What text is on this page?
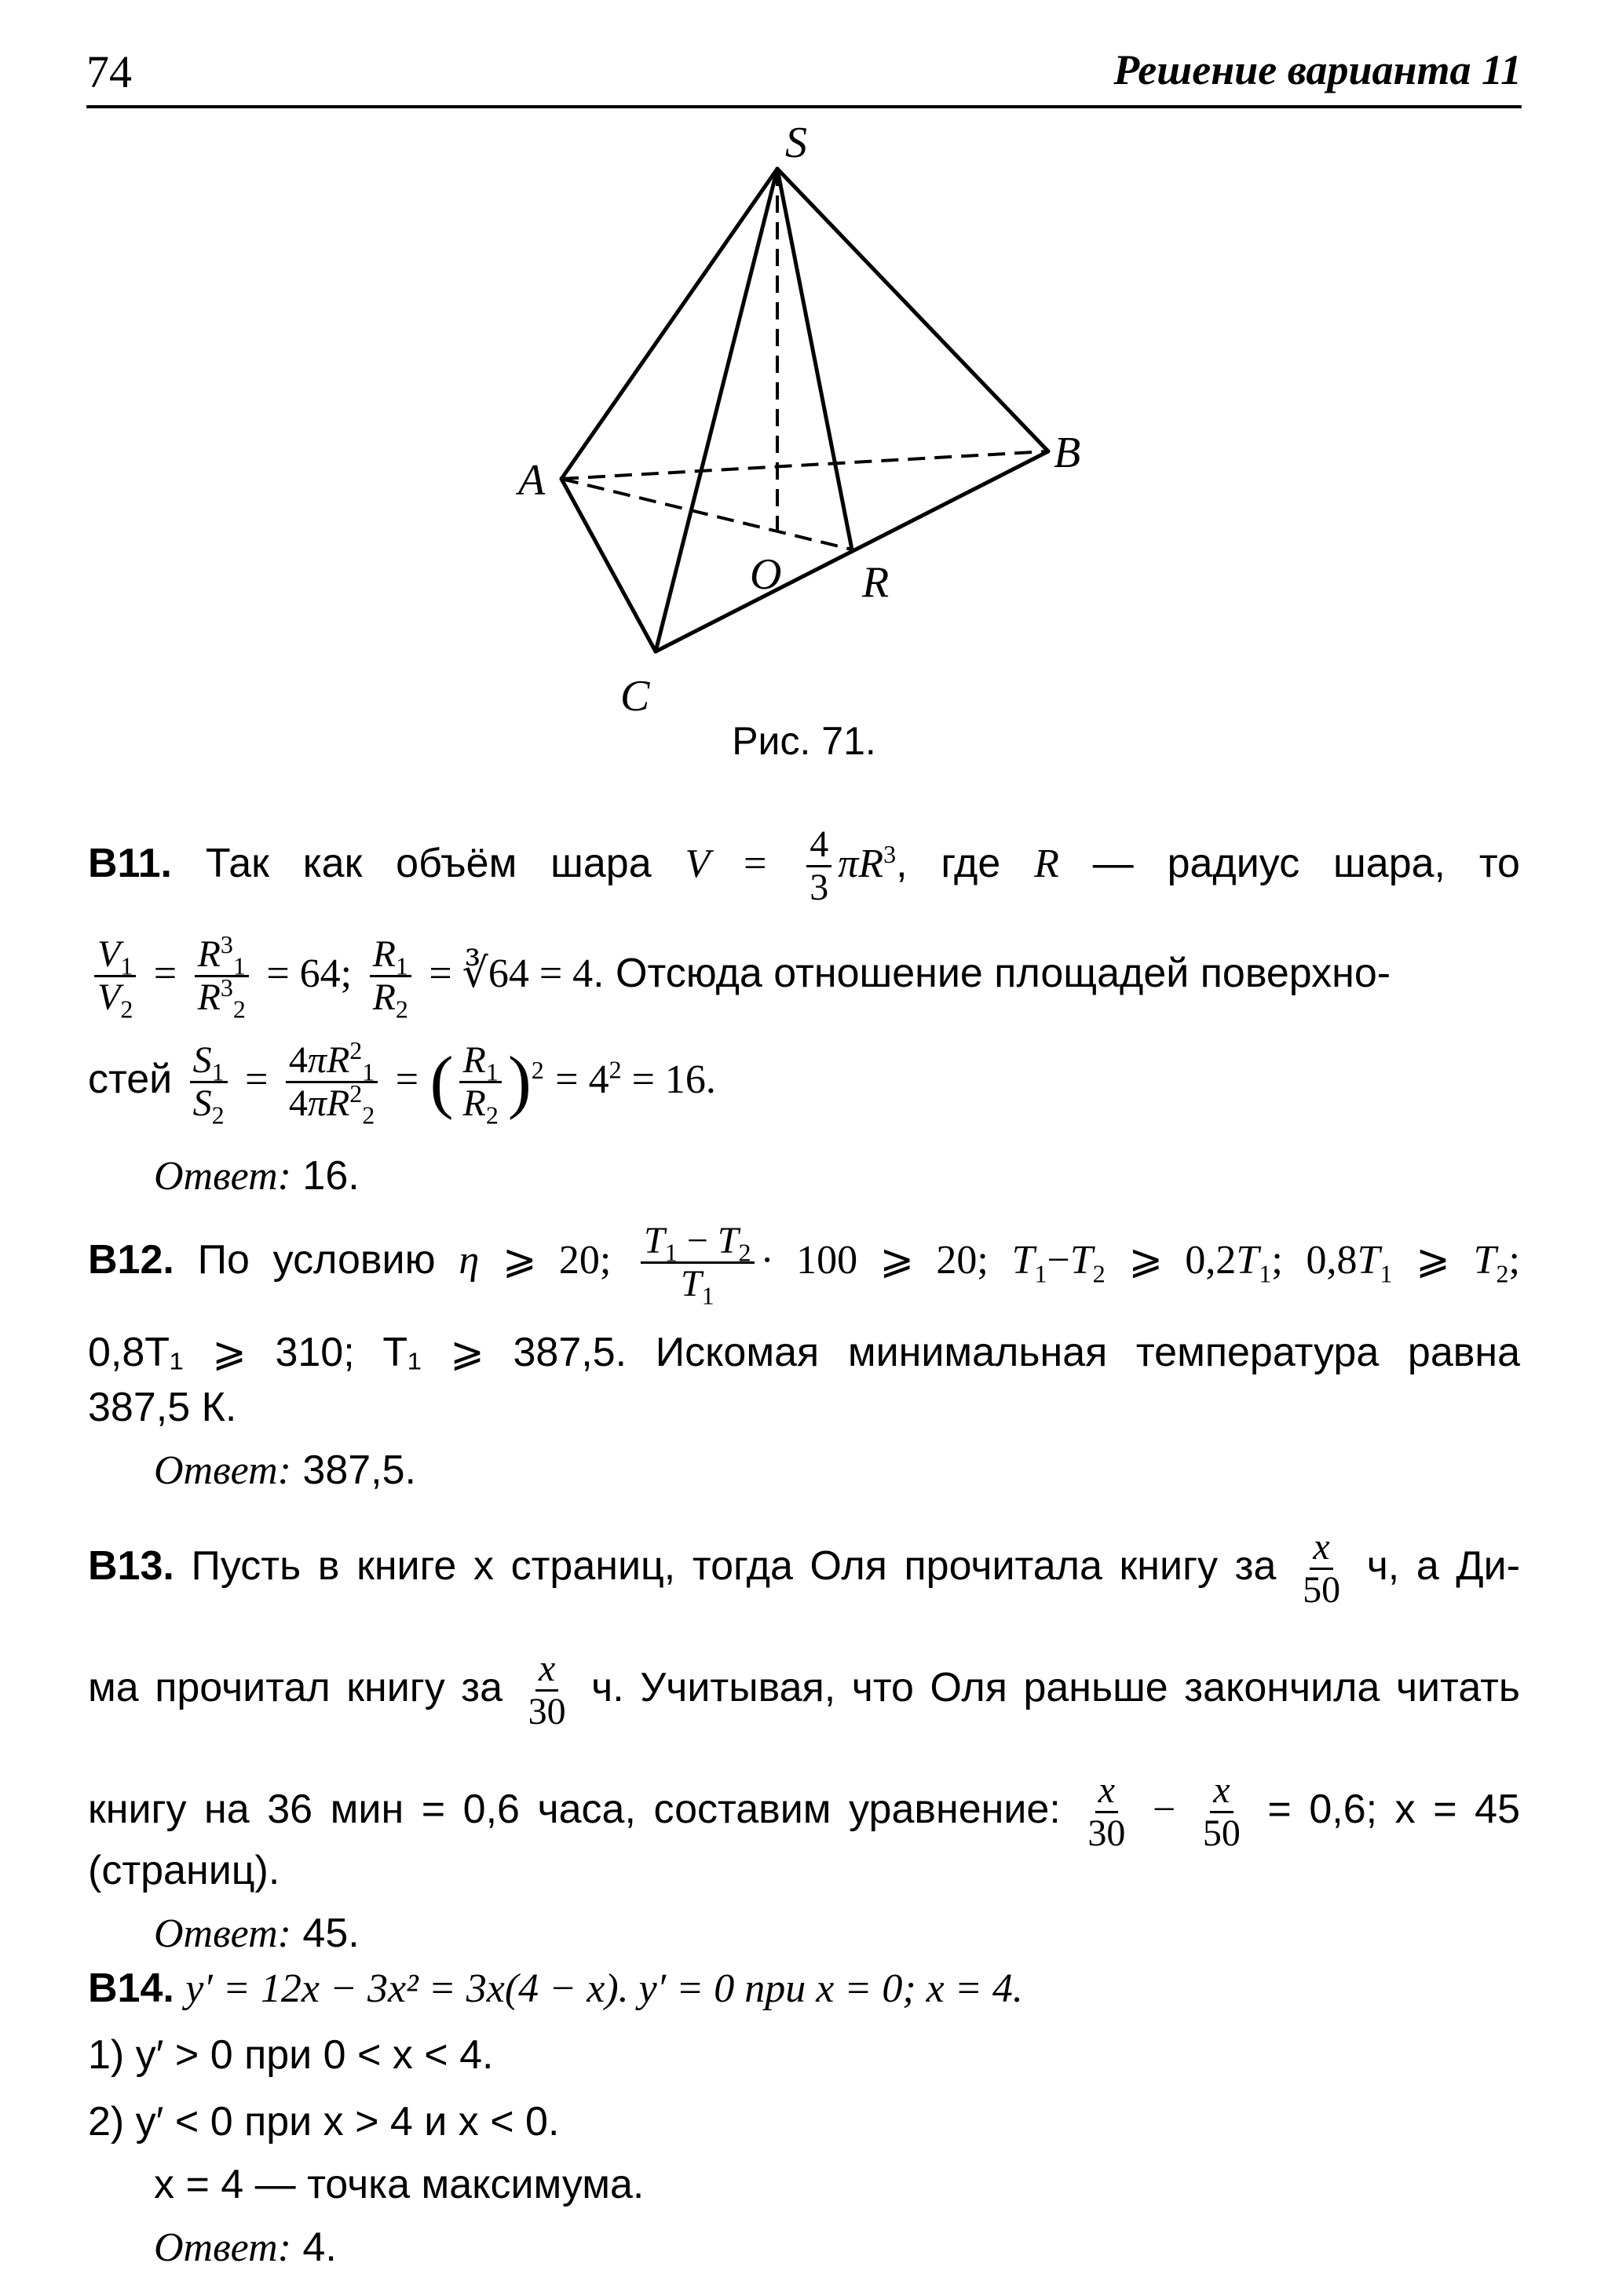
74	Решение варианта 11
S
A
B
C
O R
Рис. 71.
B11. Так как объём шара $V = \frac{4}{3} \pi R^3$, где R — радиус шара, то
$\frac{V_1}{V_2} = \frac{R^3_1}{R^3_2} = 64$; $\frac{R_1}{R_2}$ = ∛64 = 4. Отсюда отношение площадей поверхно-
стей $\frac{S_1}{S_2} = \frac{4\pi R^2_1}{4\pi R^2_2}$ = ( $\frac{R_1}{R_2} )^2 = 4^2 = 16$.
Ответ: 16.
B12. По условию η ⩾ 20; $\frac{T_1 - T_2}{T_1} \cdot 100$ ⩾ 20; $T_1-T_2$ ⩾ $0,2T_1$; $0,8T_1$ ⩾ $T_2$;
0,8T₁ ⩾ 310; T₁ ⩾ 387,5. Искомая минимальная температура равна
387,5 К.
Ответ: 387,5.
B13. Пусть в книге x страниц, тогда Оля прочитала книгу за $\frac{x}{50} ч$, а Ди-
ма прочитал книгу за $\frac{x}{30} ч$. Учитывая, что Оля раньше закончила читать
книгу на 36 мин = 0,6 часа, составим уравнение: $\frac{x}{30} - \frac{x}{50} = 0,6$; x = 45
(страниц).
Ответ: 45.
B14. y′ = 12x − 3x² = 3x(4 − x). y′ = 0 при x = 0; x = 4.
1) y′ > 0 при 0 < x < 4.
2) y′ < 0 при x > 4 и x < 0.
x = 4 — точка максимума.
Ответ: 4.
